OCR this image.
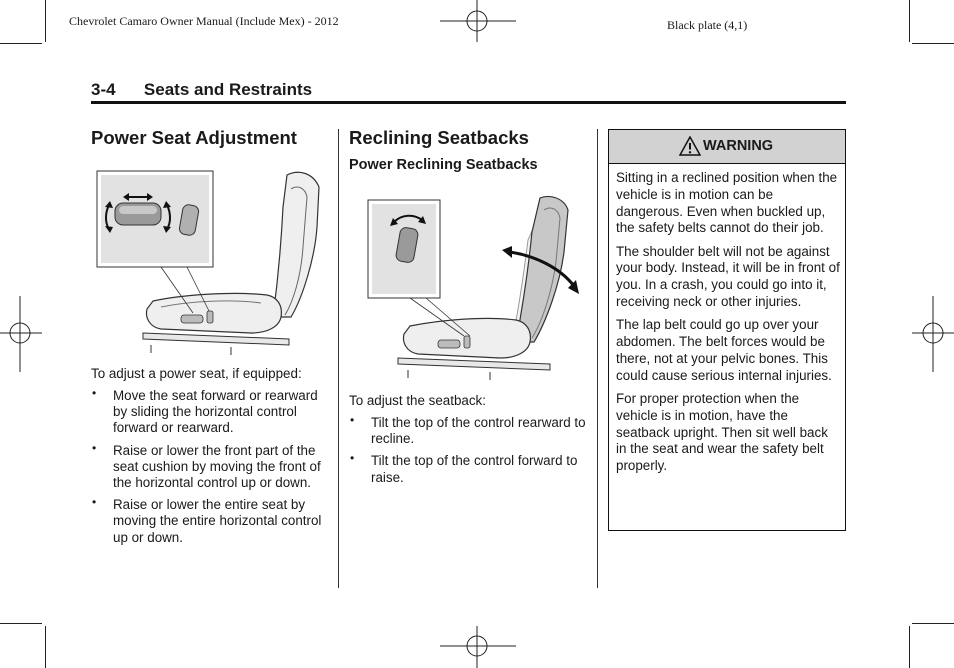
Chevrolet Camaro Owner Manual (Include Mex) - 2012	Black plate (4,1)
3-4      Seats and Restraints
Power Seat Adjustment

To adjust a power seat, if equipped:

• Move the seat forward or rearward by sliding the horizontal control forward or rearward.
• Raise or lower the front part of the seat cushion by moving the front of the horizontal control up or down.
• Raise or lower the entire seat by moving the entire horizontal control up or down.
Reclining Seatbacks
Power Reclining Seatbacks

To adjust the seatback:

• Tilt the top of the control rearward to recline.
• Tilt the top of the control forward to raise.
WARNING

Sitting in a reclined position when the vehicle is in motion can be dangerous. Even when buckled up, the safety belts cannot do their job.

The shoulder belt will not be against your body. Instead, it will be in front of you. In a crash, you could go into it, receiving neck or other injuries.

The lap belt could go up over your abdomen. The belt forces would be there, not at your pelvic bones. This could cause serious internal injuries.

For proper protection when the vehicle is in motion, have the seatback upright. Then sit well back in the seat and wear the safety belt properly.
